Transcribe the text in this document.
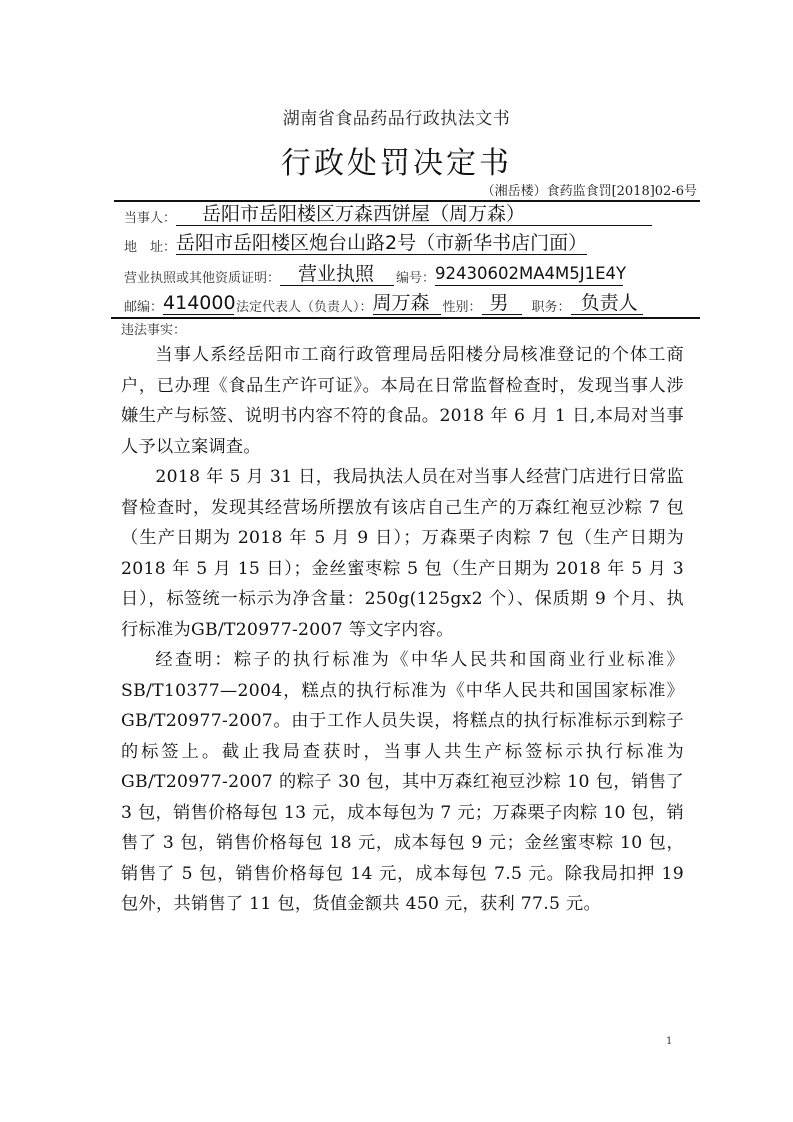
湖南省食品药品行政执法文书
行政处罚决定书
（湘岳楼）食药监食罚[2018]02-6号
当事人：	岳阳市岳阳楼区万森西饼屋（周万森）
地　址： 岳阳市岳阳楼区炮台山路2号（市新华书店门面）
营业执照或其他资质证明： 营业执照	编号： 92430602MA4M5J1E4Y
邮编： 414000 法定代表人（负责人）： 周万森 性别： 男	职务： 负责人
违法事实：
当事人系经岳阳市工商行政管理局岳阳楼分局核准登记的个体工商户，已办理《食品生产许可证》。本局在日常监督检查时，发现当事人涉嫌生产与标签、说明书内容不符的食品。2018 年 6 月 1 日,本局对当事人予以立案调查。
2018 年 5 月 31 日，我局执法人员在对当事人经营门店进行日常监督检查时，发现其经营场所摆放有该店自己生产的万森红袍豆沙粽 7 包（生产日期为 2018 年 5 月 9 日）；万森栗子肉粽 7 包（生产日期为 2018 年 5 月 15 日）；金丝蜜枣粽 5 包（生产日期为 2018 年 5 月 3 日），标签统一标示为净含量：250g(125gx2 个）、保质期 9 个月、执行标准为GB/T20977-2007 等文字内容。
经查明：粽子的执行标准为《中华人民共和国商业行业标准》SB/T10377—2004，糕点的执行标准为《中华人民共和国国家标准》GB/T20977-2007。由于工作人员失误，将糕点的执行标准标示到粽子的标签上。截止我局查获时，当事人共生产标签标示执行标准为 GB/T20977-2007 的粽子 30 包，其中万森红袍豆沙粽 10 包，销售了 3 包，销售价格每包 13 元，成本每包为 7 元；万森栗子肉粽 10 包，销售了 3 包，销售价格每包 18 元，成本每包 9 元；金丝蜜枣粽 10 包，销售了 5 包，销售价格每包 14 元，成本每包 7.5 元。除我局扣押 19 包外，共销售了 11 包，货值金额共 450 元，获利 77.5 元。
1
